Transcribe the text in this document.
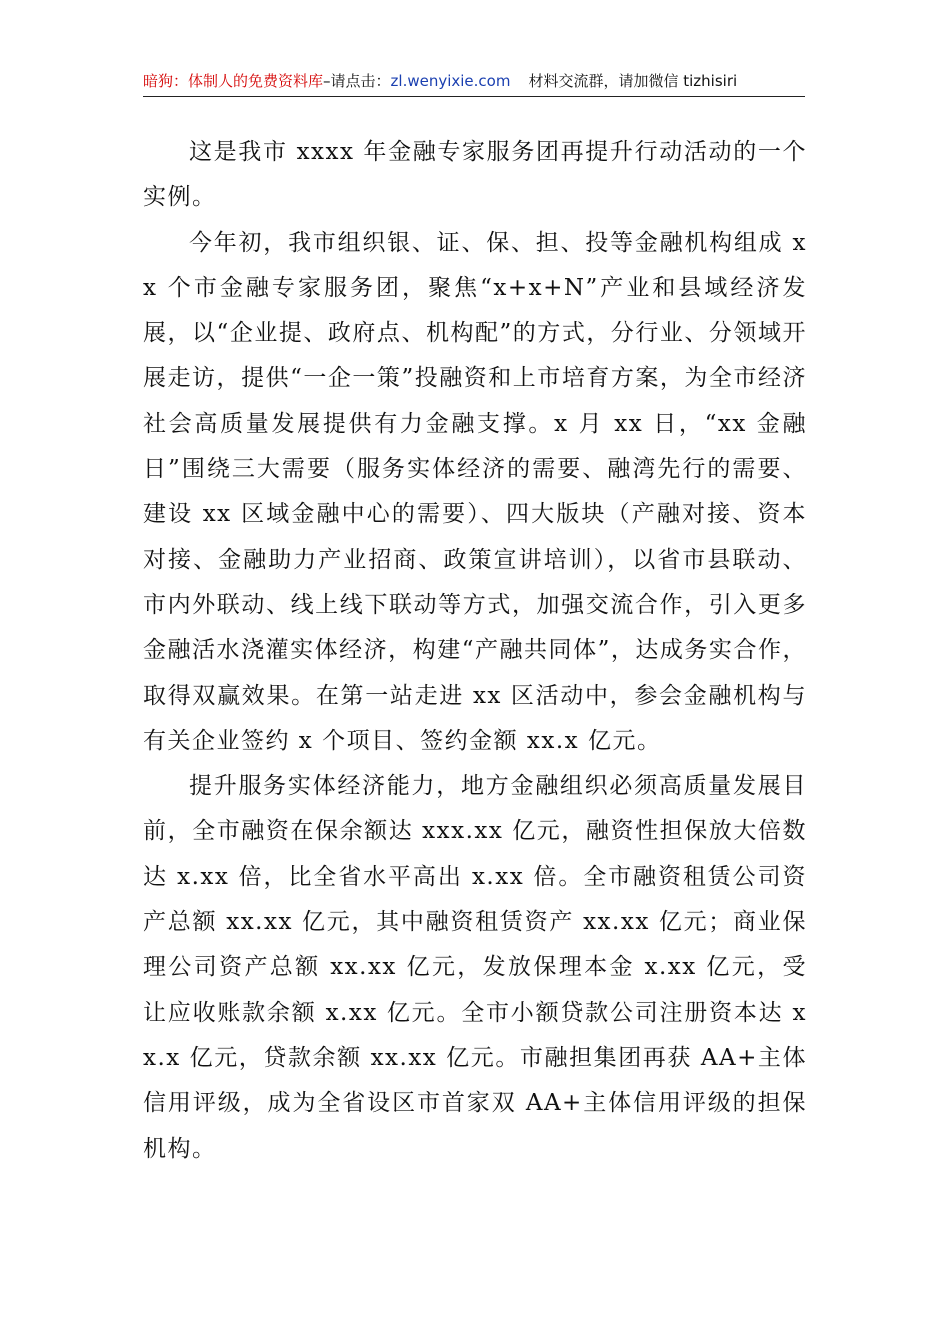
暗狗：体制人的免费资料库–请点击：zl.wenyixie.com 材料交流群，请加微信 tizhisiri

这是我市 xxxx 年金融专家服务团再提升行动活动的一个实例。

今年初，我市组织银、证、保、担、投等金融机构组成 xx 个市金融专家服务团，聚焦“x+x+N”产业和县域经济发展，以“企业提、政府点、机构配”的方式，分行业、分领域开展走访，提供“一企一策”投融资和上市培育方案，为全市经济社会高质量发展提供有力金融支撑。x 月 xx 日，“xx 金融日”围绕三大需要（服务实体经济的需要、融湾先行的需要、建设 xx 区域金融中心的需要）、四大版块（产融对接、资本对接、金融助力产业招商、政策宣讲培训），以省市县联动、市内外联动、线上线下联动等方式，加强交流合作，引入更多金融活水浇灌实体经济，构建“产融共同体”，达成务实合作，取得双赢效果。在第一站走进 xx 区活动中，参会金融机构与有关企业签约 x 个项目、签约金额 xx.x 亿元。

提升服务实体经济能力，地方金融组织必须高质量发展目前，全市融资在保余额达 xxx.xx 亿元，融资性担保放大倍数达 x.xx 倍，比全省水平高出 x.xx 倍。全市融资租赁公司资产总额 xx.xx 亿元，其中融资租赁资产 xx.xx 亿元；商业保理公司资产总额 xx.xx 亿元，发放保理本金 x.xx 亿元，受让应收账款余额 x.xx 亿元。全市小额贷款公司注册资本达 xx.x 亿元，贷款余额 xx.xx 亿元。市融担集团再获 AA+主体信用评级，成为全省设区市首家双 AA+主体信用评级的担保机构。
